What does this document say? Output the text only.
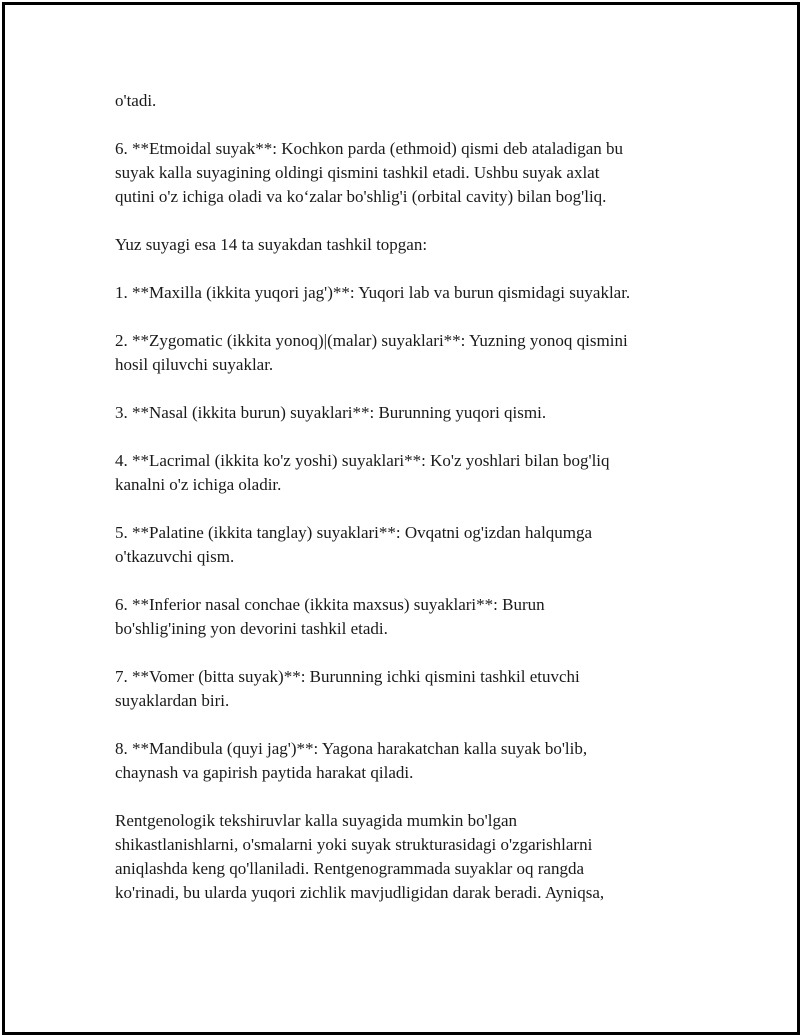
o'tadi.

6. **Etmoidal suyak**: Kochkon parda (ethmoid) qismi deb ataladigan bu
suyak kalla suyagining oldingi qismini tashkil etadi. Ushbu suyak axlat
qutini o'z ichiga oladi va ko‘zalar bo'shlig'i (orbital cavity) bilan bog'liq.

Yuz suyagi esa 14 ta suyakdan tashkil topgan:

1. **Maxilla (ikkita yuqori jag')**: Yuqori lab va burun qismidagi suyaklar.

2. **Zygomatic (ikkita yonoq)|(malar) suyaklari**: Yuzning yonoq qismini
hosil qiluvchi suyaklar.

3. **Nasal (ikkita burun) suyaklari**: Burunning yuqori qismi.

4. **Lacrimal (ikkita ko'z yoshi) suyaklari**: Ko'z yoshlari bilan bog'liq
kanalni o'z ichiga oladir.

5. **Palatine (ikkita tanglay) suyaklari**: Ovqatni og'izdan halqumga
o'tkazuvchi qism.

6. **Inferior nasal conchae (ikkita maxsus) suyaklari**: Burun
bo'shlig'ining yon devorini tashkil etadi.

7. **Vomer (bitta suyak)**: Burunning ichki qismini tashkil etuvchi
suyaklardan biri.

8. **Mandibula (quyi jag')**: Yagona harakatchan kalla suyak bo'lib,
chaynash va gapirish paytida harakat qiladi.

Rentgenologik tekshiruvlar kalla suyagida mumkin bo'lgan
shikastlanishlarni, o'smalarni yoki suyak strukturasidagi o'zgarishlarni
aniqlashda keng qo'llaniladi. Rentgenogrammada suyaklar oq rangda
ko'rinadi, bu ularda yuqori zichlik mavjudligidan darak beradi. Ayniqsa,
